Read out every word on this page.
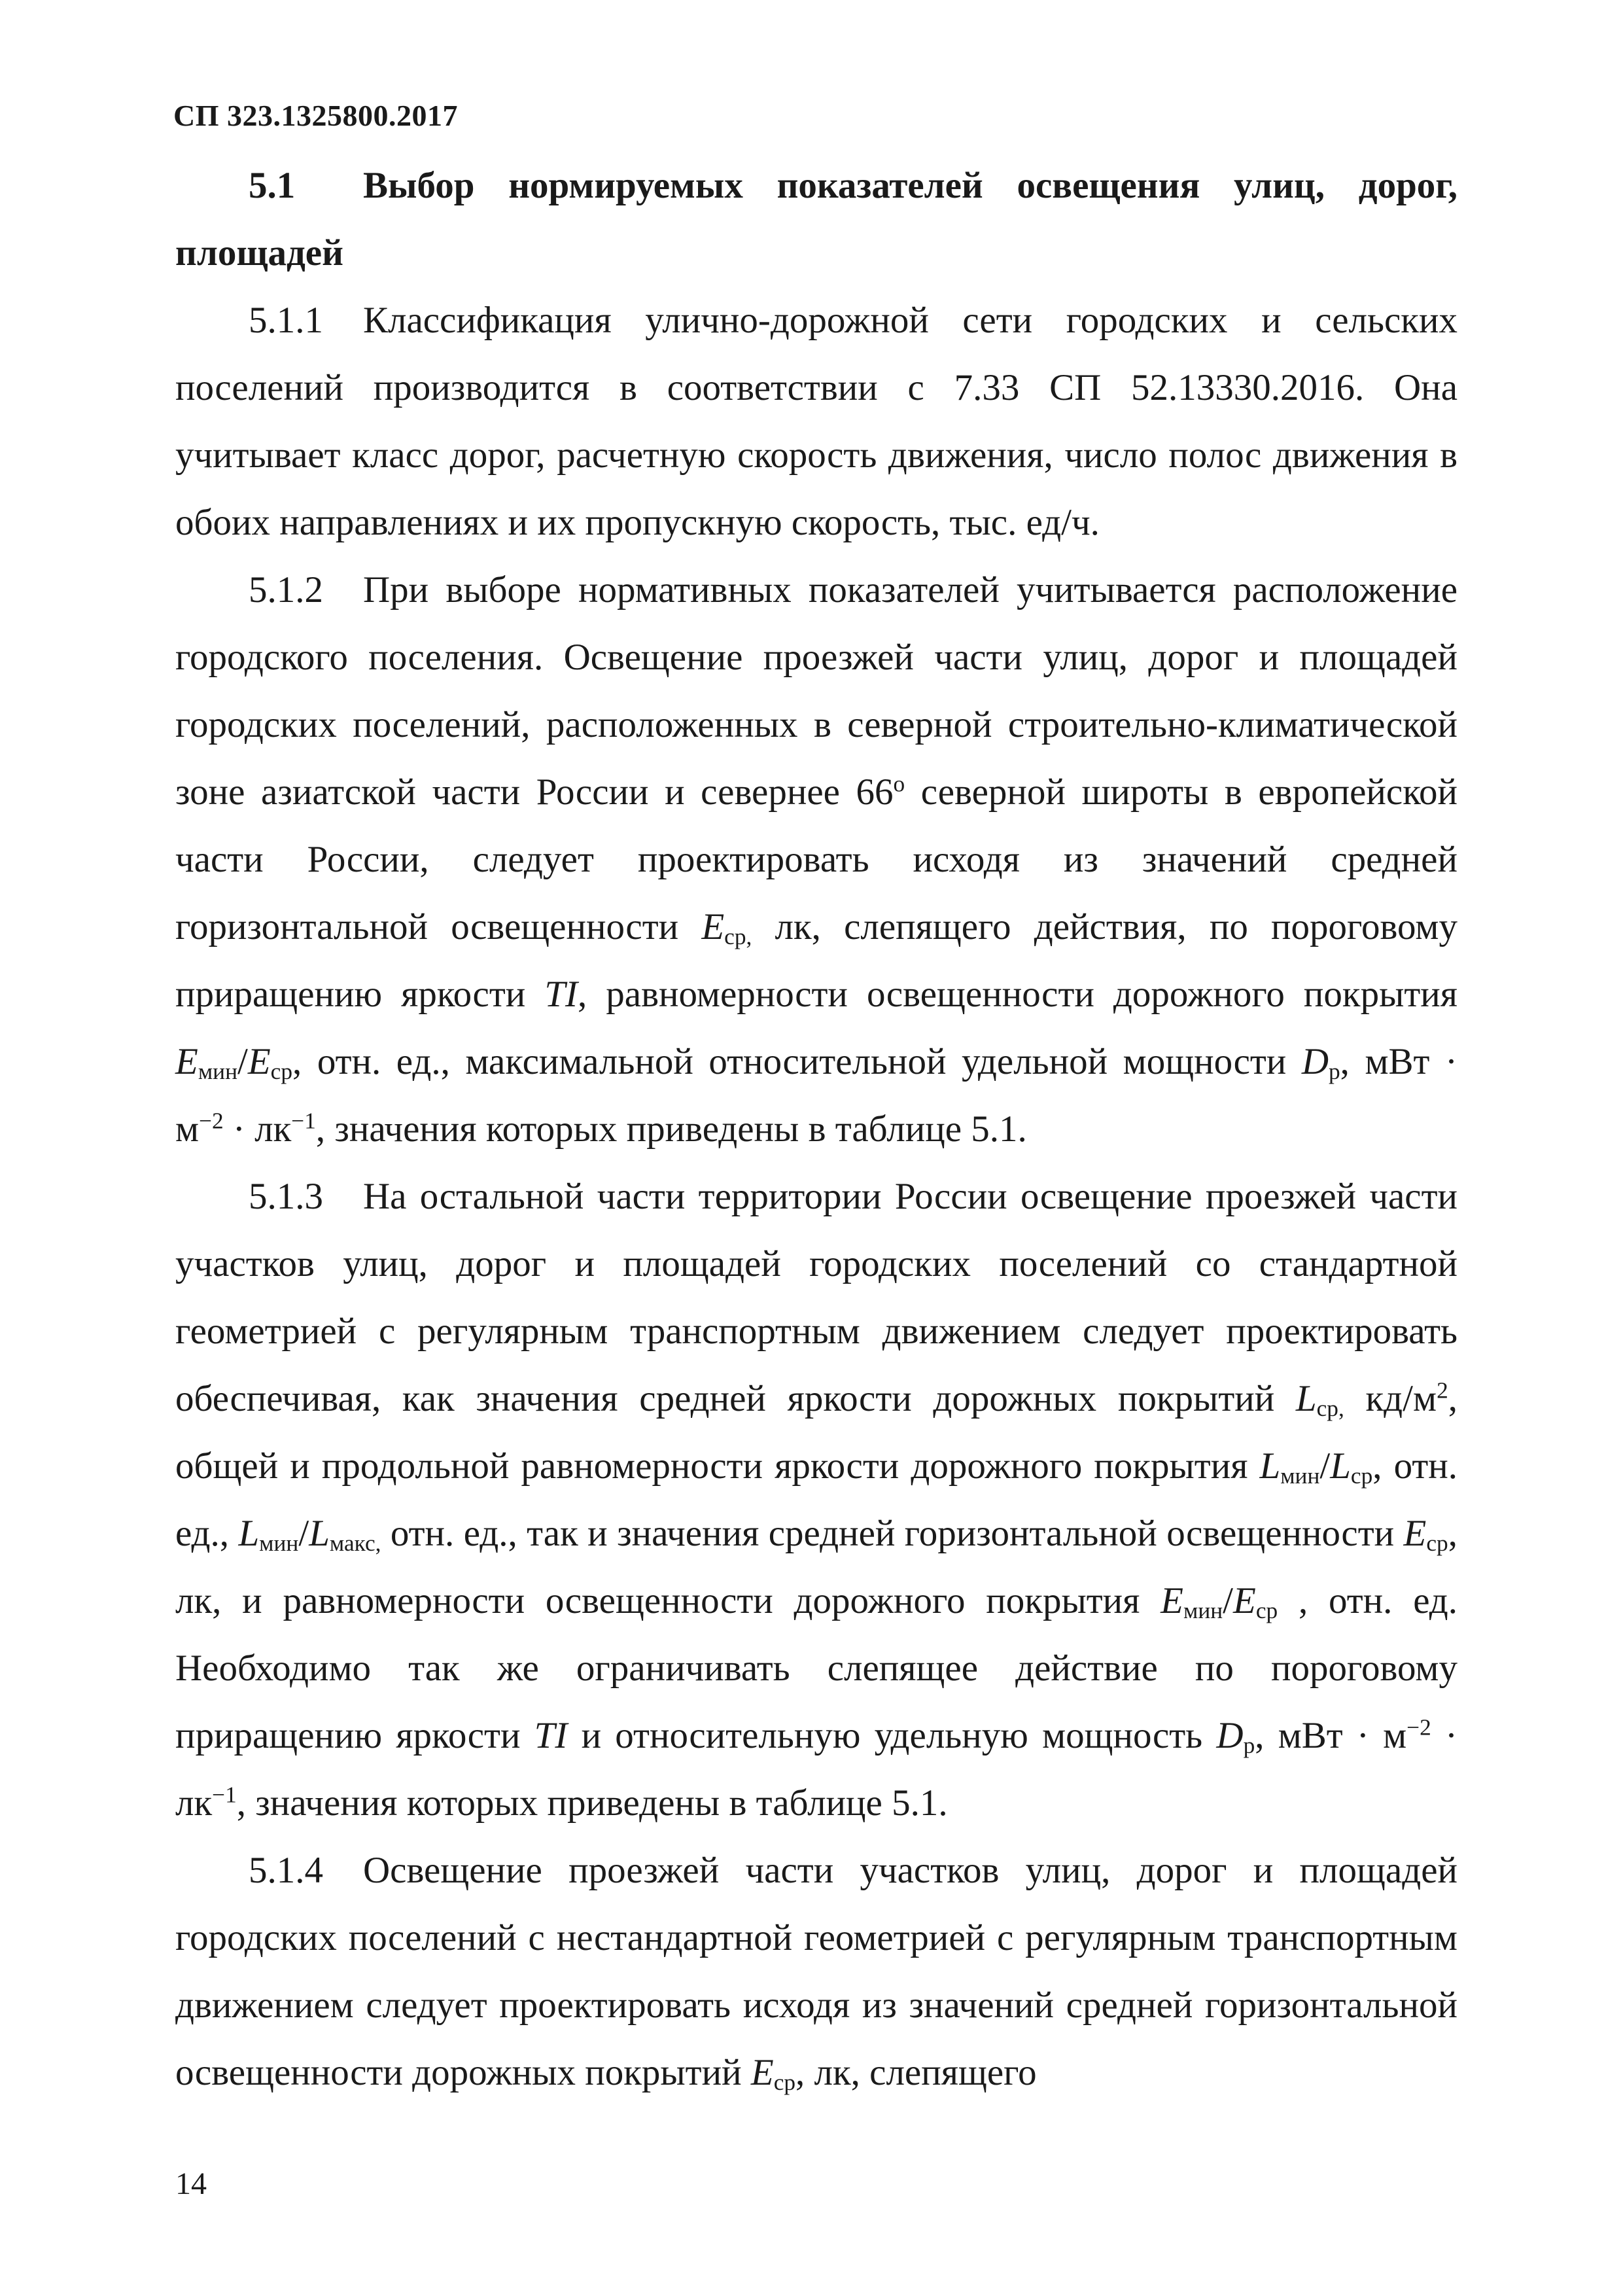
СП 323.1325800.2017

5.1 Выбор нормируемых показателей освещения улиц, дорог, площадей

5.1.1 Классификация улично-дорожной сети городских и сельских поселений производится в соответствии с 7.33 СП 52.13330.2016. Она учитывает класс дорог, расчетную скорость движения, число полос движения в обоих направлениях и их пропускную скорость, тыс. ед/ч.

5.1.2 При выборе нормативных показателей учитывается расположение городского поселения. Освещение проезжей части улиц, дорог и площадей городских поселений, расположенных в северной строительно-климатической зоне азиатской части России и севернее $66^о$ северной широты в европейской части России, следует проектировать исходя из значений средней горизонтальной освещенности $E_{ср,}$ лк, слепящего действия, по пороговому приращению яркости TI, равномерности освещенности дорожного покрытия $E_{мин}/E_{ср}$, отн. ед., максимальной относительной удельной мощности $D_p$, мВт · $м^{-2} \cdot лк^{-1}$, значения которых приведены в таблице 5.1.

5.1.3 На остальной части территории России освещение проезжей части участков улиц, дорог и площадей городских поселений со стандартной геометрией с регулярным транспортным движением следует проектировать обеспечивая, как значения средней яркости дорожных покрытий $L_{ср,}$ $кд/м^2$, общей и продольной равномерности яркости дорожного покрытия $L_{мин}/L_{ср}$, отн. ед., $L_{мин}/L_{макс,}$ отн. ед., так и значения средней горизонтальной освещенности $E_{ср}$, лк, и равномерности освещенности дорожного покрытия $E_{мин}/E_{ср}$ , отн. ед. Необходимо так же ограничивать слепящее действие по пороговому приращению яркости TI и относительную удельную мощность $D_p$, мВт · $м^{-2} \cdot лк^{-1}$, значения которых приведены в таблице 5.1.

5.1.4 Освещение проезжей части участков улиц, дорог и площадей городских поселений с нестандартной геометрией с регулярным транспортным движением следует проектировать исходя из значений средней горизонтальной освещенности дорожных покрытий $E_{ср}$, лк, слепящего

14
